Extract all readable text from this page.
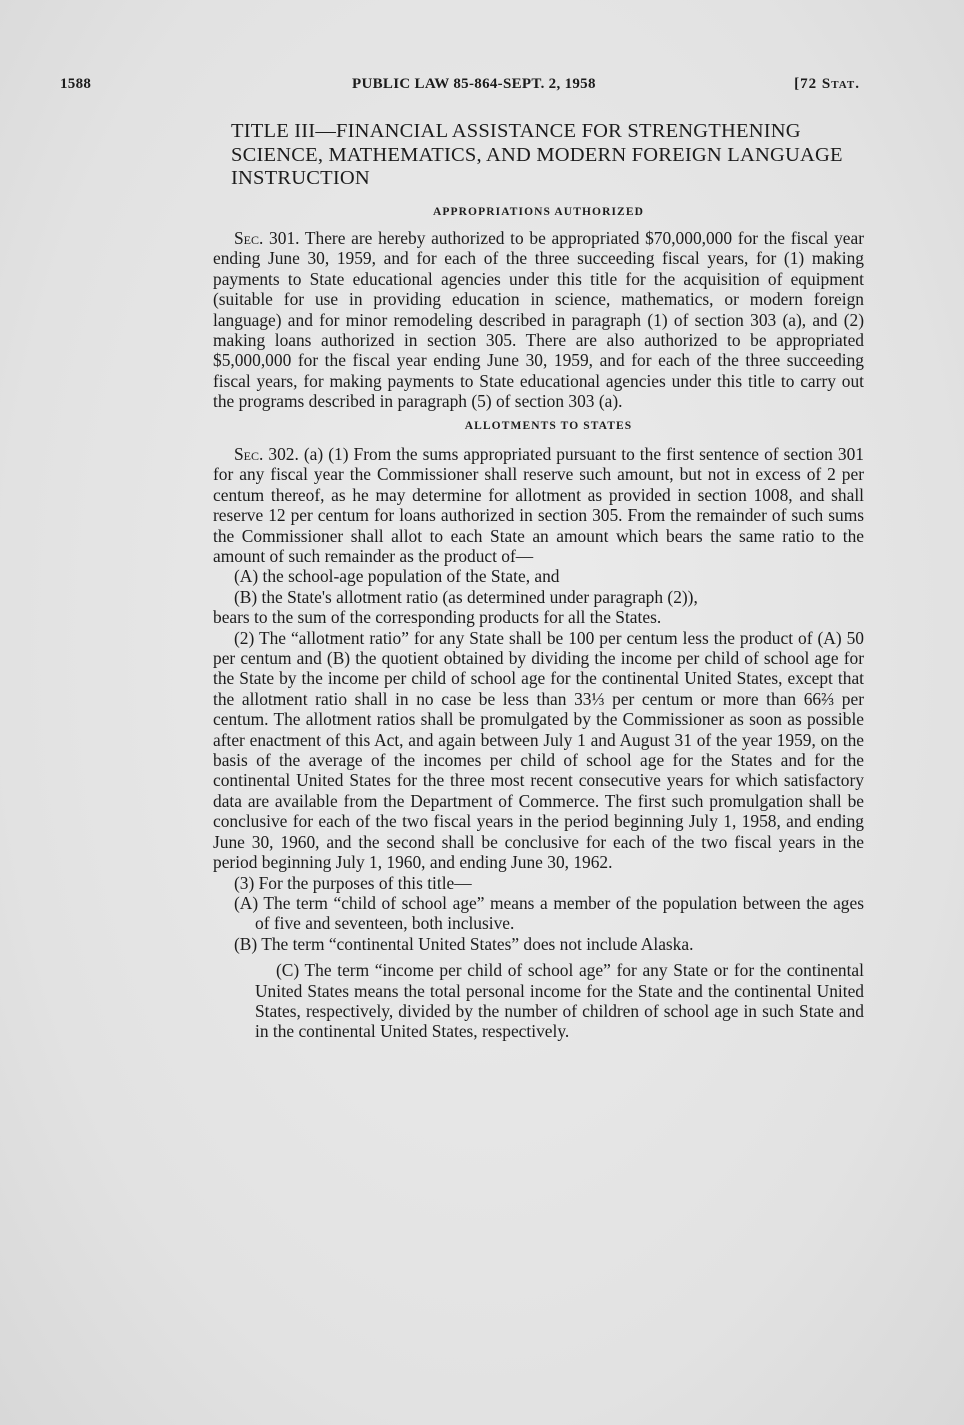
1588	PUBLIC LAW 85-864-SEPT. 2, 1958	[72 Stat.
TITLE III—FINANCIAL ASSISTANCE FOR STRENGTHENING SCIENCE, MATHEMATICS, AND MODERN FOREIGN LANGUAGE INSTRUCTION
APPROPRIATIONS AUTHORIZED

Sec. 301. There are hereby authorized to be appropriated $70,000,000 for the fiscal year ending June 30, 1959, and for each of the three succeeding fiscal years, for (1) making payments to State educational agencies under this title for the acquisition of equipment (suitable for use in providing education in science, mathematics, or modern foreign language) and for minor remodeling described in paragraph (1) of section 303 (a), and (2) making loans authorized in section 305. There are also authorized to be appropriated $5,000,000 for the fiscal year ending June 30, 1959, and for each of the three succeeding fiscal years, for making payments to State educational agencies under this title to carry out the programs described in paragraph (5) of section 303 (a).

ALLOTMENTS TO STATES

Sec. 302. (a) (1) From the sums appropriated pursuant to the first sentence of section 301 for any fiscal year the Commissioner shall reserve such amount, but not in excess of 2 per centum thereof, as he may determine for allotment as provided in section 1008, and shall reserve 12 per centum for loans authorized in section 305. From the remainder of such sums the Commissioner shall allot to each State an amount which bears the same ratio to the amount of such remainder as the product of—

(A) the school-age population of the State, and

(B) the State's allotment ratio (as determined under paragraph (2)),

bears to the sum of the corresponding products for all the States.

(2) The “allotment ratio” for any State shall be 100 per centum less the product of (A) 50 per centum and (B) the quotient obtained by dividing the income per child of school age for the State by the income per child of school age for the continental United States, except that the allotment ratio shall in no case be less than 33⅓ per centum or more than 66⅔ per centum. The allotment ratios shall be promulgated by the Commissioner as soon as possible after enactment of this Act, and again between July 1 and August 31 of the year 1959, on the basis of the average of the incomes per child of school age for the States and for the continental United States for the three most recent consecutive years for which satisfactory data are available from the Department of Commerce. The first such promulgation shall be conclusive for each of the two fiscal years in the period beginning July 1, 1958, and ending June 30, 1960, and the second shall be conclusive for each of the two fiscal years in the period beginning July 1, 1960, and ending June 30, 1962.

(3) For the purposes of this title—

(A) The term “child of school age” means a member of the population between the ages of five and seventeen, both inclusive.

(B) The term “continental United States” does not include Alaska.

(C) The term “income per child of school age” for any State or for the continental United States means the total personal income for the State and the continental United States, respectively, divided by the number of children of school age in such State and in the continental United States, respectively.
